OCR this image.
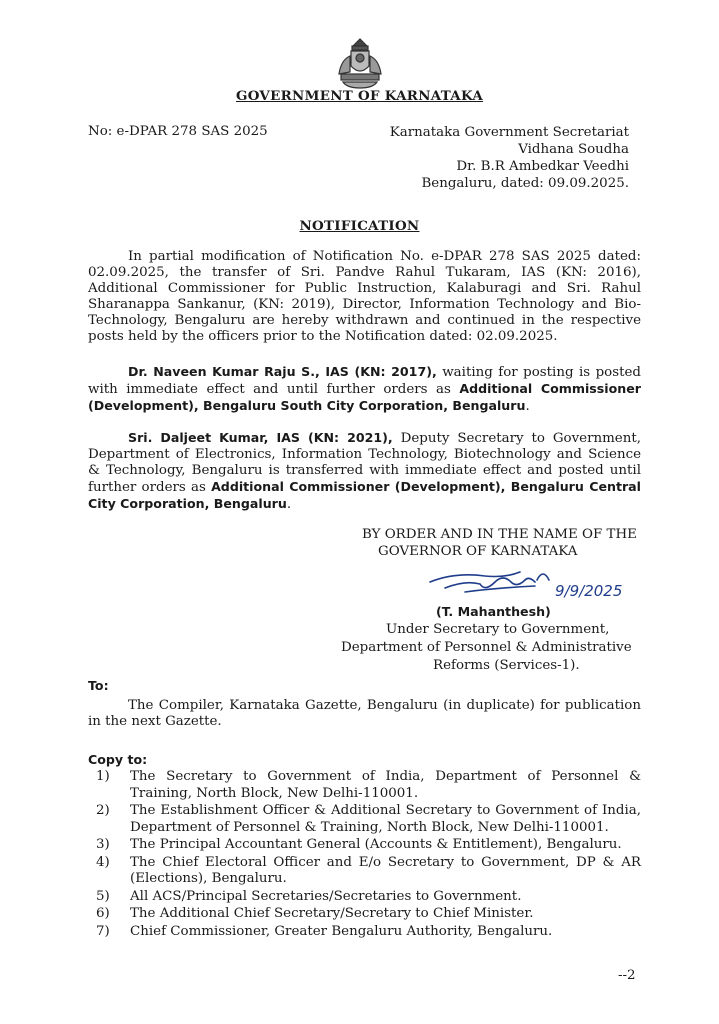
GOVERNMENT OF KARNATAKA
No: e-DPAR 278 SAS 2025	Karnataka Government Secretariat
Vidhana Soudha
Dr. B.R Ambedkar Veedhi
Bengaluru, dated: 09.09.2025.
NOTIFICATION

In partial modification of Notification No. e-DPAR 278 SAS 2025 dated: 02.09.2025, the transfer of Sri. Pandve Rahul Tukaram, IAS (KN: 2016), Additional Commissioner for Public Instruction, Kalaburagi and Sri. Rahul Sharanappa Sankanur, (KN: 2019), Director, Information Technology and Bio-Technology, Bengaluru are hereby withdrawn and continued in the respective posts held by the officers prior to the Notification dated: 02.09.2025.

Dr. Naveen Kumar Raju S., IAS (KN: 2017), waiting for posting is posted with immediate effect and until further orders as Additional Commissioner (Development), Bengaluru South City Corporation, Bengaluru.

Sri. Daljeet Kumar, IAS (KN: 2021), Deputy Secretary to Government, Department of Electronics, Information Technology, Biotechnology and Science & Technology, Bengaluru is transferred with immediate effect and posted until further orders as Additional Commissioner (Development), Bengaluru Central City Corporation, Bengaluru.

BY ORDER AND IN THE NAME OF THE
GOVERNOR OF KARNATAKA
9/9/2025
(T. Mahanthesh)
Under Secretary to Government,
Department of Personnel & Administrative
Reforms (Services-1).
To:

The Compiler, Karnataka Gazette, Bengaluru (in duplicate) for publication in the next Gazette.

Copy to:
1) The Secretary to Government of India, Department of Personnel & Training, North Block, New Delhi-110001.
2) The Establishment Officer & Additional Secretary to Government of India, Department of Personnel & Training, North Block, New Delhi-110001.
3) The Principal Accountant General (Accounts & Entitlement), Bengaluru.
4) The Chief Electoral Officer and E/o Secretary to Government, DP & AR (Elections), Bengaluru.
5) All ACS/Principal Secretaries/Secretaries to Government.
6) The Additional Chief Secretary/Secretary to Chief Minister.
7) Chief Commissioner, Greater Bengaluru Authority, Bengaluru.
--2
